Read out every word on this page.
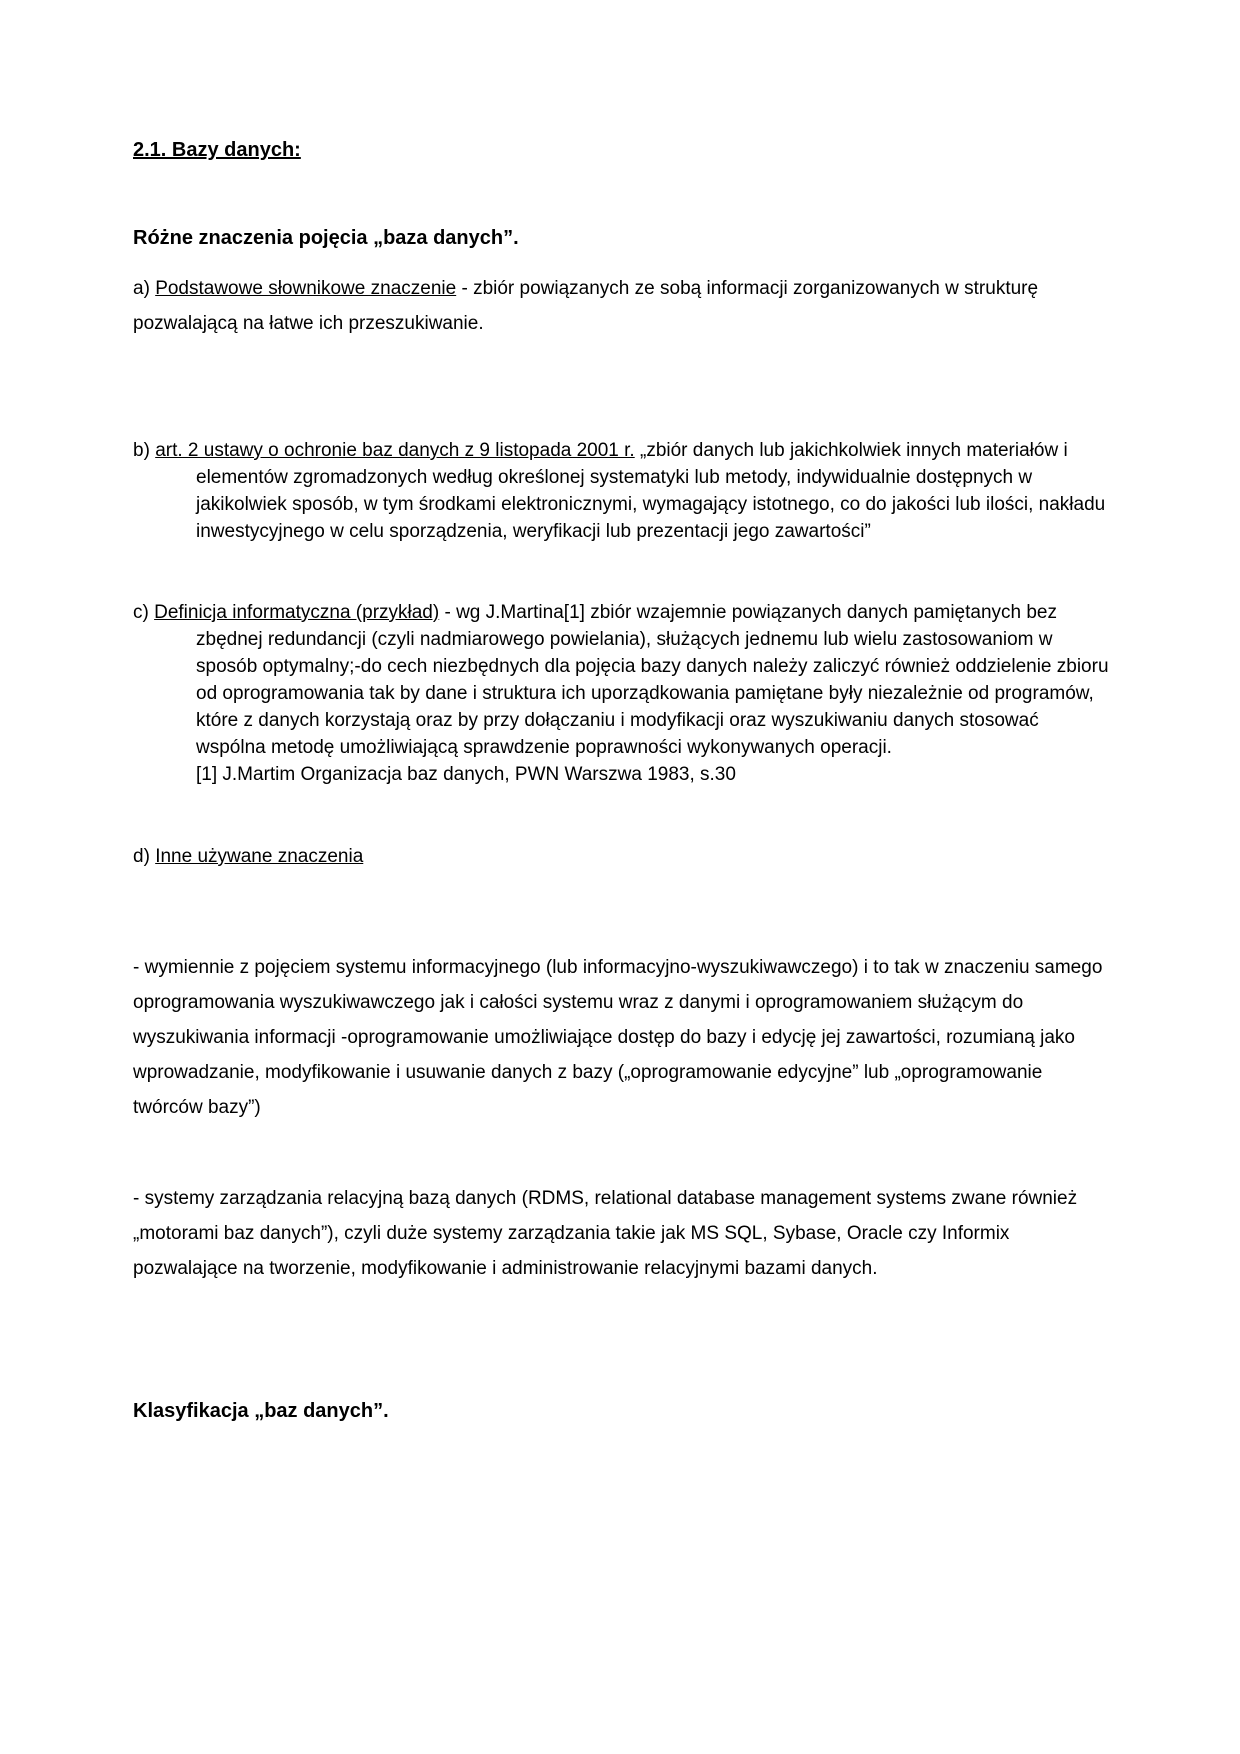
2.1. Bazy danych:
Różne znaczenia pojęcia „baza danych”.

a) Podstawowe słownikowe znaczenie - zbiór powiązanych ze sobą informacji zorganizowanych w strukturę pozwalającą na łatwe ich przeszukiwanie.

b) art. 2 ustawy o ochronie baz danych z 9 listopada 2001 r. „zbiór danych lub jakichkolwiek innych materiałów i elementów zgromadzonych według określonej systematyki lub metody, indywidualnie dostępnych w jakikolwiek sposób, w tym środkami elektronicznymi, wymagający istotnego, co do jakości lub ilości, nakładu inwestycyjnego w celu sporządzenia, weryfikacji lub prezentacji jego zawartości”

c) Definicja informatyczna (przykład) - wg J.Martina[1] zbiór wzajemnie powiązanych danych pamiętanych bez zbędnej redundancji (czyli nadmiarowego powielania), służących jednemu lub wielu zastosowaniom w sposób optymalny;-do cech niezbędnych dla pojęcia bazy danych należy zaliczyć również oddzielenie zbioru od oprogramowania tak by dane i struktura ich uporządkowania pamiętane były niezależnie od programów, które z danych korzystają oraz by przy dołączaniu i modyfikacji oraz wyszukiwaniu danych stosować wspólna metodę umożliwiającą sprawdzenie poprawności wykonywanych operacji.
[1] J.Martim Organizacja baz danych, PWN Warszwa 1983, s.30

d) Inne używane znaczenia

- wymiennie z pojęciem systemu informacyjnego (lub informacyjno-wyszukiwawczego) i to tak w znaczeniu samego oprogramowania wyszukiwawczego jak i całości systemu wraz z danymi i oprogramowaniem służącym do wyszukiwania informacji -oprogramowanie umożliwiające dostęp do bazy i edycję jej zawartości, rozumianą jako wprowadzanie, modyfikowanie i usuwanie danych z bazy („oprogramowanie edycyjne” lub „oprogramowanie twórców bazy”)

- systemy zarządzania relacyjną bazą danych (RDMS, relational database management systems zwane również „motorami baz danych”), czyli duże systemy zarządzania takie jak MS SQL, Sybase, Oracle czy Informix pozwalające na tworzenie, modyfikowanie i administrowanie relacyjnymi bazami danych.

Klasyfikacja „baz danych”.
